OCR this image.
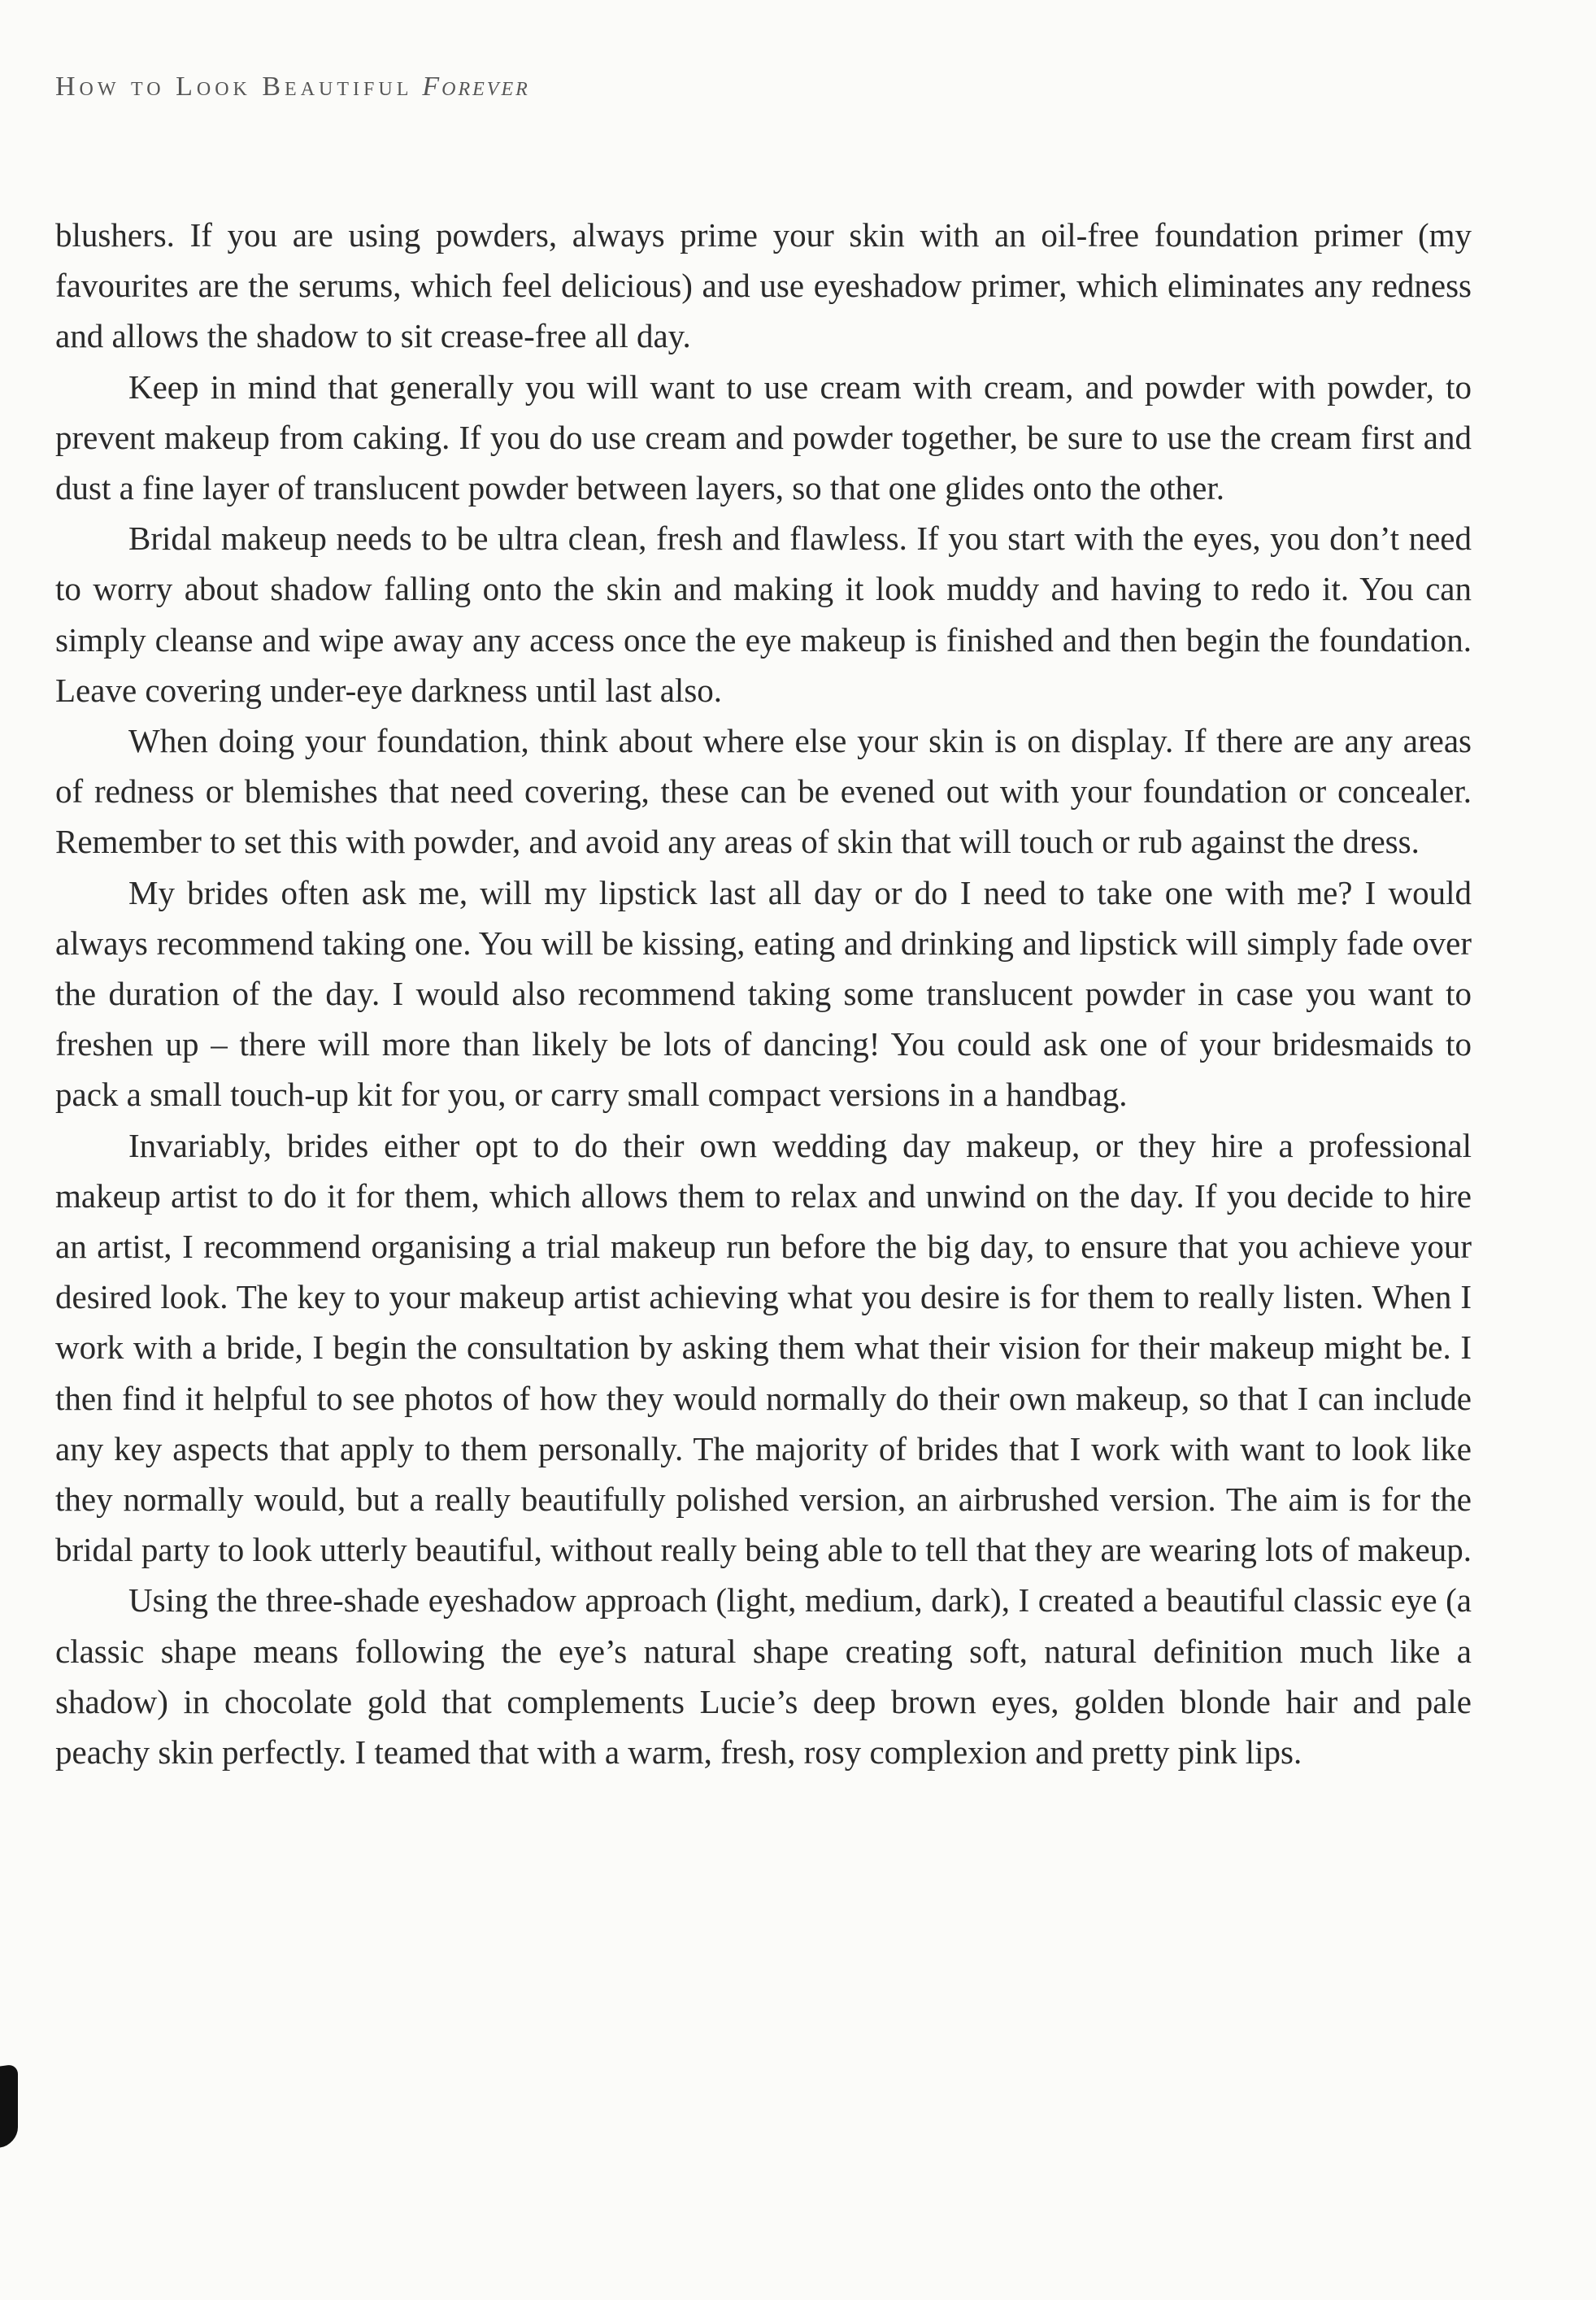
How to Look Beautiful Forever

blushers. If you are using powders, always prime your skin with an oil-free foundation primer (my favourites are the serums, which feel delicious) and use eyeshadow primer, which eliminates any redness and allows the shadow to sit crease-free all day.

Keep in mind that generally you will want to use cream with cream, and powder with powder, to prevent makeup from caking. If you do use cream and powder together, be sure to use the cream first and dust a fine layer of translucent powder between layers, so that one glides onto the other.

Bridal makeup needs to be ultra clean, fresh and flawless. If you start with the eyes, you don’t need to worry about shadow falling onto the skin and making it look muddy and having to redo it. You can simply cleanse and wipe away any access once the eye makeup is finished and then begin the foundation. Leave covering under-eye darkness until last also.

When doing your foundation, think about where else your skin is on display. If there are any areas of redness or blemishes that need covering, these can be evened out with your foundation or concealer. Remember to set this with powder, and avoid any areas of skin that will touch or rub against the dress.

My brides often ask me, will my lipstick last all day or do I need to take one with me? I would always recommend taking one. You will be kissing, eating and drinking and lipstick will simply fade over the duration of the day. I would also recommend taking some translucent powder in case you want to freshen up – there will more than likely be lots of dancing! You could ask one of your bridesmaids to pack a small touch-up kit for you, or carry small compact versions in a handbag.

Invariably, brides either opt to do their own wedding day makeup, or they hire a professional makeup artist to do it for them, which allows them to relax and unwind on the day. If you decide to hire an artist, I recommend organising a trial makeup run before the big day, to ensure that you achieve your desired look. The key to your makeup artist achieving what you desire is for them to really listen. When I work with a bride, I begin the consultation by asking them what their vision for their makeup might be. I then find it helpful to see photos of how they would normally do their own makeup, so that I can include any key aspects that apply to them personally. The majority of brides that I work with want to look like they normally would, but a really beautifully polished version, an airbrushed version. The aim is for the bridal party to look utterly beautiful, without really being able to tell that they are wearing lots of makeup.

Using the three-shade eyeshadow approach (light, medium, dark), I created a beautiful classic eye (a classic shape means following the eye’s natural shape creating soft, natural definition much like a shadow) in chocolate gold that complements Lucie’s deep brown eyes, golden blonde hair and pale peachy skin perfectly. I teamed that with a warm, fresh, rosy complexion and pretty pink lips.
